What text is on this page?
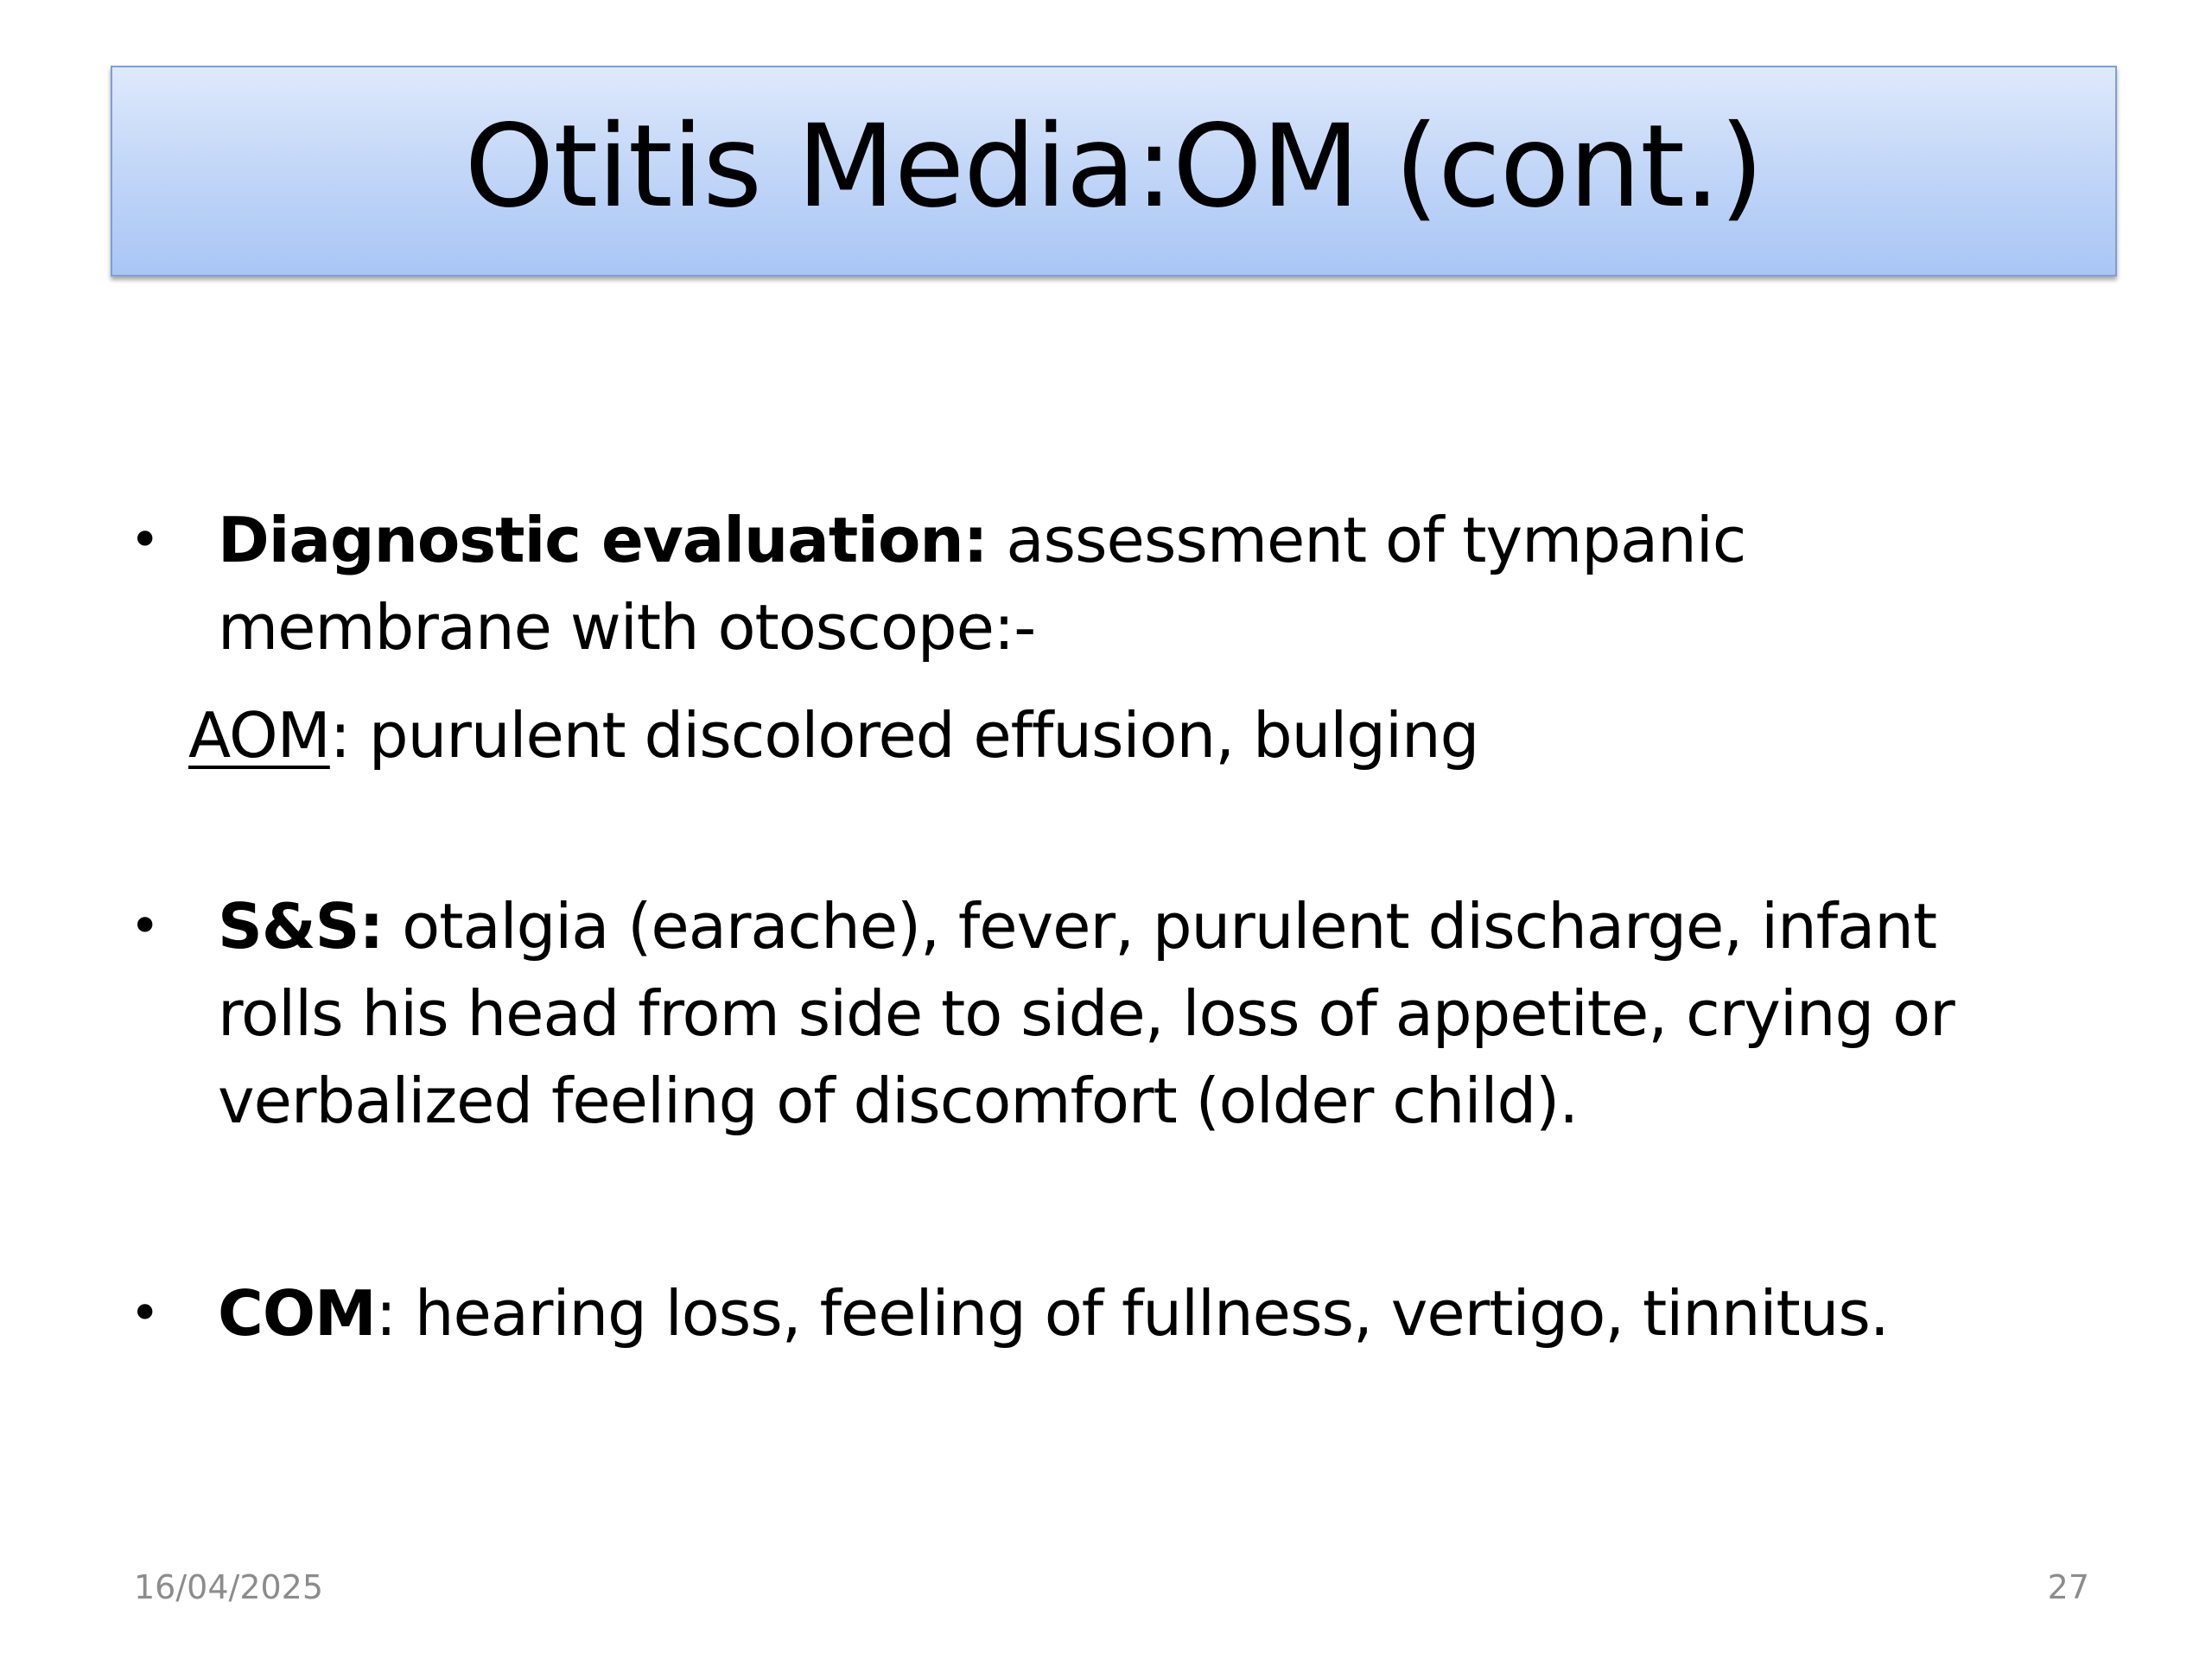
Otitis Media:OM (cont.)
• Diagnostic evaluation: assessment of tympanic membrane with otoscope:-
AOM: purulent discolored effusion, bulging
• S&S: otalgia (earache), fever, purulent discharge, infant rolls his head from side to side, loss of appetite, crying or verbalized feeling of discomfort (older child).
• COM: hearing loss, feeling of fullness, vertigo, tinnitus.
16/04/2025	27
